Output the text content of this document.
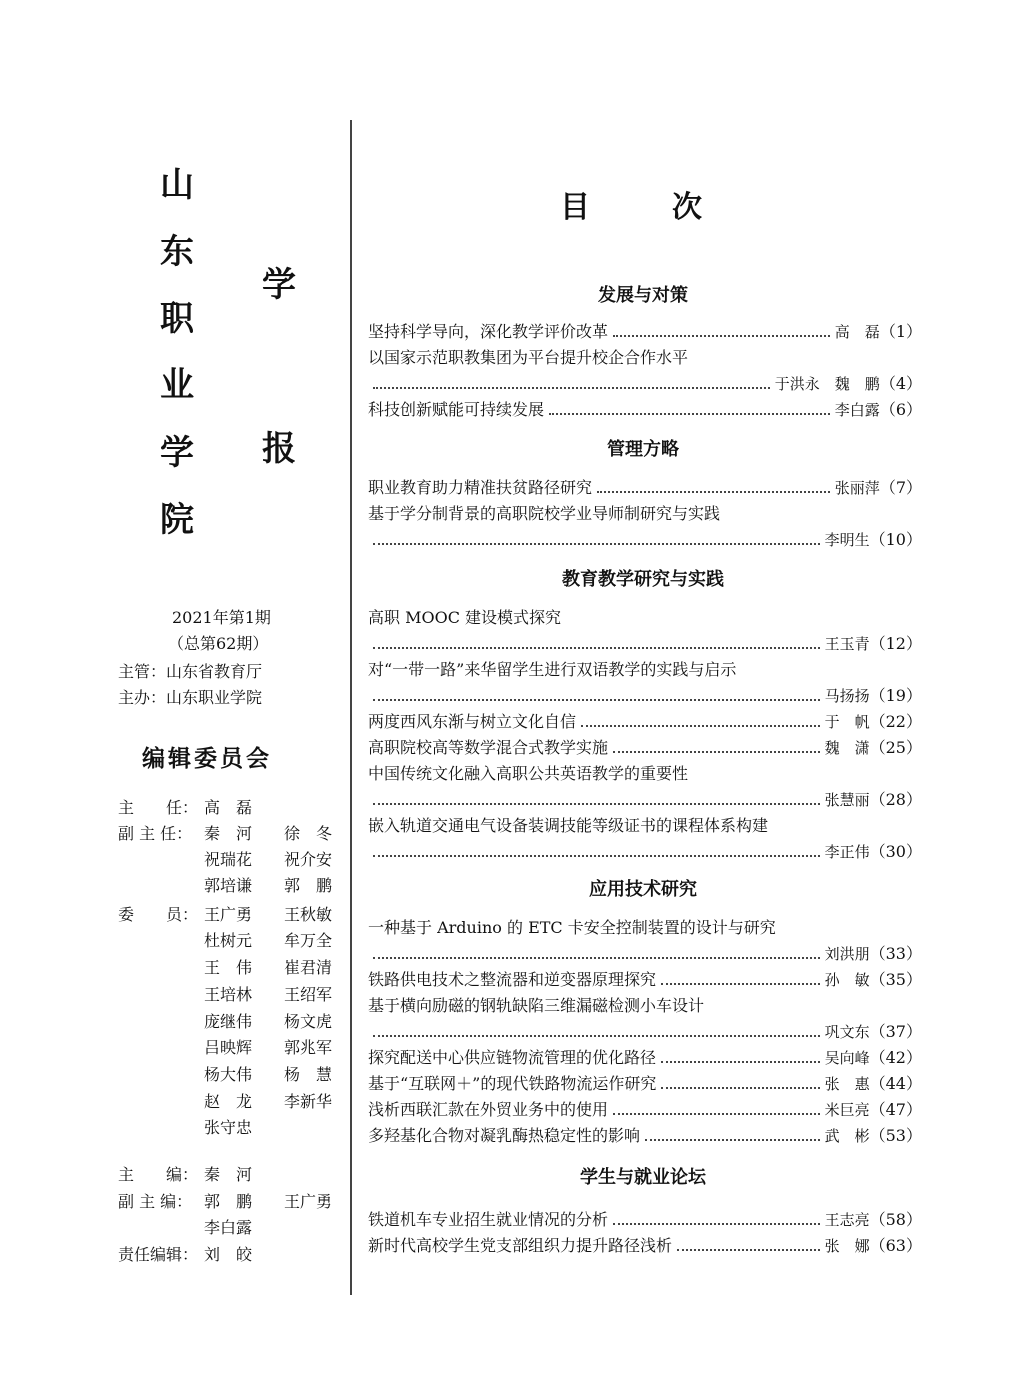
山
东
职
业
学
院
学
报
2021年第1期
（总第62期）
主管：山东省教育厅
主办：山东职业学院
编辑委员会
主　　任： 高　磊
副 主 任： 秦　河　　徐　冬
祝瑞花　　祝介安
郭培谦　　郭　鹏
委　　员： 王广勇　　王秋敏
杜树元　　牟万全
王　伟　　崔君清
王培林　　王绍军
庞继伟　　杨文虎
吕映辉　　郭兆军
杨大伟　　杨　慧
赵　龙　　李新华
张守忠
主　　编： 秦　河
副 主 编： 郭　鹏　　王广勇
李白露
责任编辑： 刘　皎
目	次
发展与对策
坚持科学导向，深化教学评价改革	高　磊 （1）
以国家示范职教集团为平台提升校企合作水平
于洪永　魏　鹏 （4）
科技创新赋能可持续发展	李白露 （6）
管理方略
职业教育助力精准扶贫路径研究	张丽萍 （7）
基于学分制背景的高职院校学业导师制研究与实践
李明生 （10）
教育教学研究与实践
高职 MOOC 建设模式探究
王玉青 （12）
对“一带一路”来华留学生进行双语教学的实践与启示
马扬扬 （19）
两度西风东渐与树立文化自信	于　帆 （22）
高职院校高等数学混合式教学实施	魏　潇 （25）
中国传统文化融入高职公共英语教学的重要性
张慧丽 （28）
嵌入轨道交通电气设备装调技能等级证书的课程体系构建
李正伟 （30）
应用技术研究
一种基于 Arduino 的 ETC 卡安全控制装置的设计与研究
刘洪朋 （33）
铁路供电技术之整流器和逆变器原理探究	孙　敏 （35）
基于横向励磁的钢轨缺陷三维漏磁检测小车设计
巩文东 （37）
探究配送中心供应链物流管理的优化路径	吴向峰 （42）
基于“互联网＋”的现代铁路物流运作研究	张　惠 （44）
浅析西联汇款在外贸业务中的使用	米巨亮 （47）
多羟基化合物对凝乳酶热稳定性的影响	武　彬 （53）
学生与就业论坛
铁道机车专业招生就业情况的分析	王志亮 （58）
新时代高校学生党支部组织力提升路径浅析	张　娜 （63）
